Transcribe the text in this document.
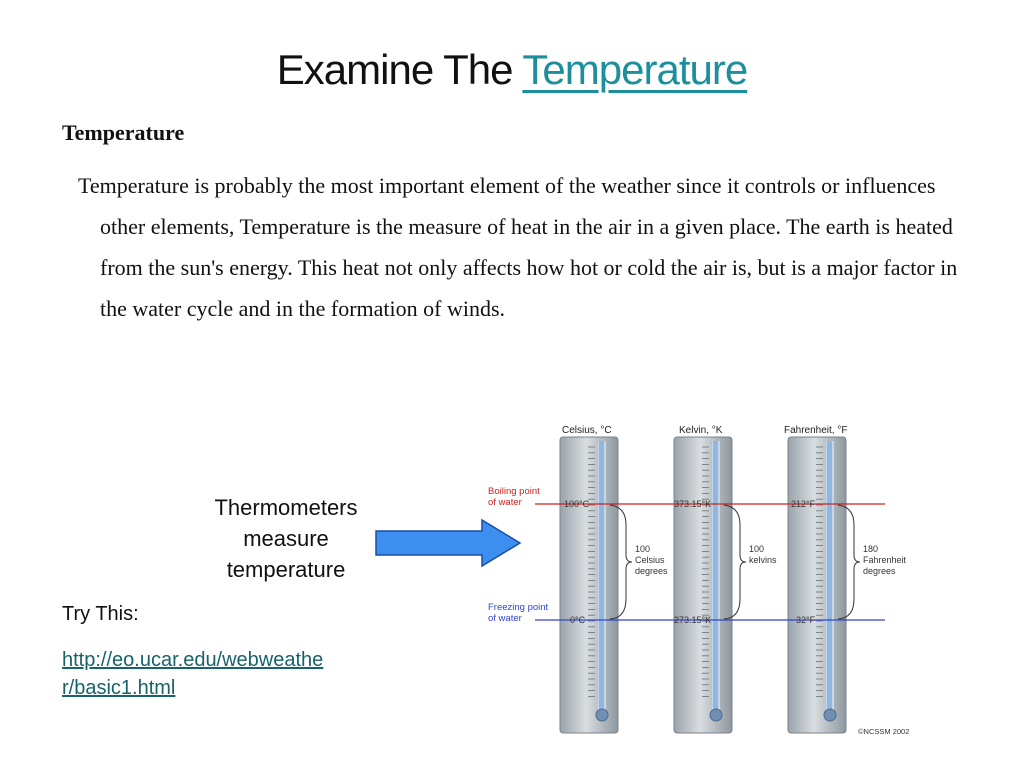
Examine The Temperature
Temperature
Temperature is probably the most important element of the weather since it controls or influences other elements, Temperature is the measure of heat in the air in a given place. The earth is heated from the sun's energy. This heat not only affects how hot or cold the air is, but is a major factor in the water cycle and in the formation of winds.
Thermometers
measure
temperature
Try This:
http://eo.ucar.edu/webweather/basic1.html
Celsius, °C	Kelvin, °K	Fahrenheit, °F
Boiling point
of water
Freezing point
of water
100°C
0°C
373.15°K
273.15°K
212°F
32°F
100
Celsius
degrees
100
kelvins
180
Fahrenheit
degrees
©NCSSM 2002
